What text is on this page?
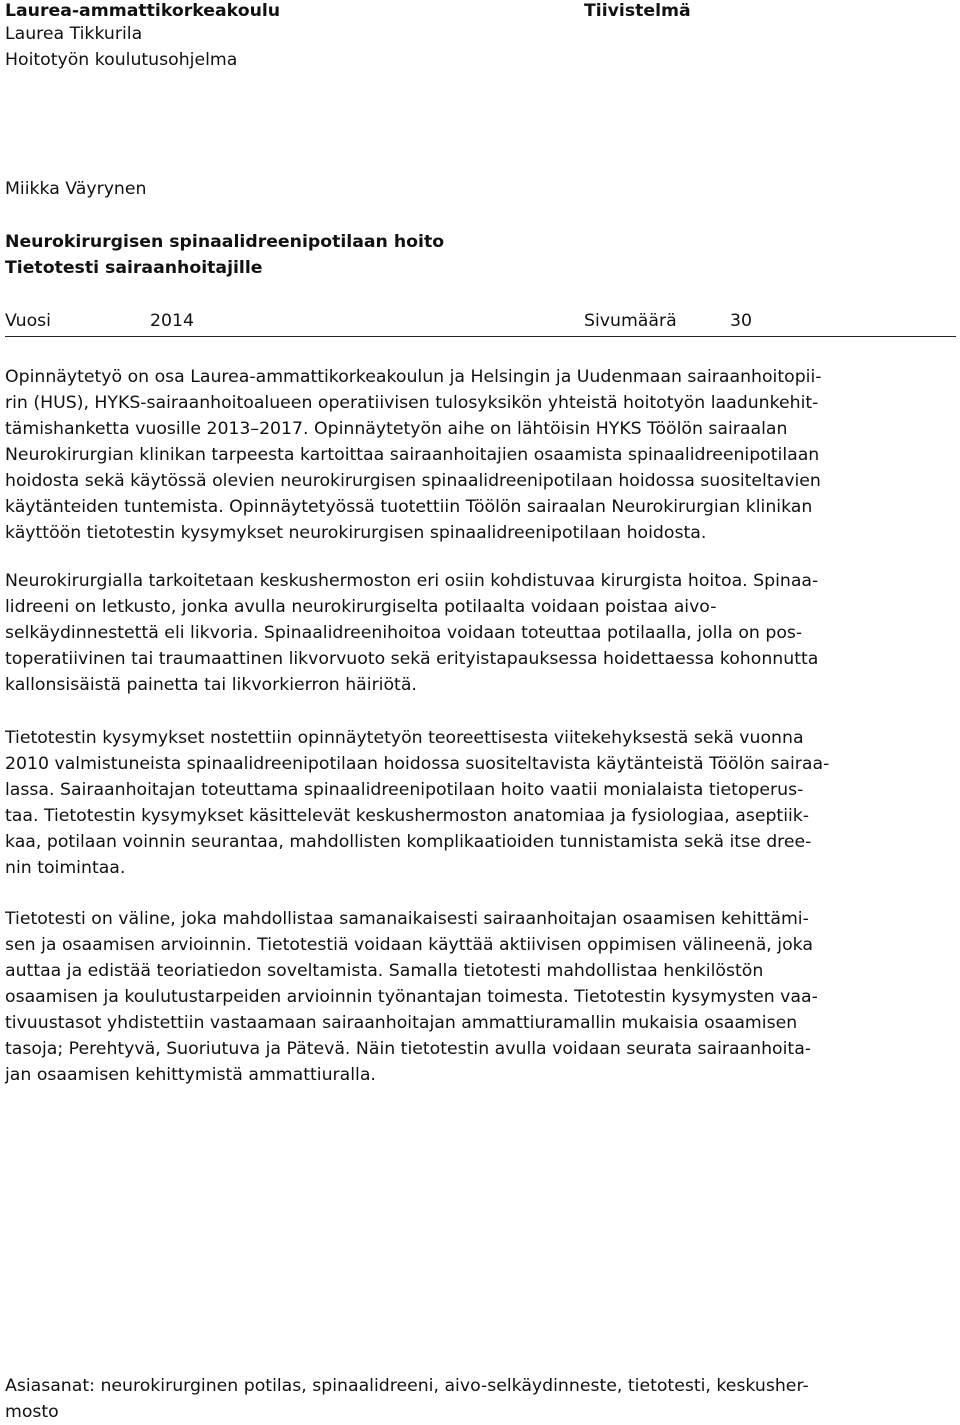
Laurea-ammattikorkeakoulu
Laurea Tikkurila
Hoitotyön koulutusohjelma
Tiivistelmä
Miikka Väyrynen
Neurokirurgisen spinaalidreenipotilaan hoito
Tietotesti sairaanhoitajille
Vuosi	2014	Sivumäärä	30
Opinnäytetyö on osa Laurea-ammattikorkeakoulun ja Helsingin ja Uudenmaan sairaanhoitopii-
rin (HUS), HYKS-sairaanhoitoalueen operatiivisen tulosyksikön yhteistä hoitotyön laadunkehit-
tämishanketta vuosille 2013–2017. Opinnäytetyön aihe on lähtöisin HYKS Töölön sairaalan
Neurokirurgian klinikan tarpeesta kartoittaa sairaanhoitajien osaamista spinaalidreenipotilaan
hoidosta sekä käytössä olevien neurokirurgisen spinaalidreenipotilaan hoidossa suositeltavien
käytänteiden tuntemista. Opinnäytetyössä tuotettiin Töölön sairaalan Neurokirurgian klinikan
käyttöön tietotestin kysymykset neurokirurgisen spinaalidreenipotilaan hoidosta.
Neurokirurgialla tarkoitetaan keskushermoston eri osiin kohdistuvaa kirurgista hoitoa. Spinaa-
lidreeni on letkusto, jonka avulla neurokirurgiselta potilaalta voidaan poistaa aivo-
selkäydinnestettä eli likvoria. Spinaalidreenihoitoa voidaan toteuttaa potilaalla, jolla on pos-
toperatiivinen tai traumaattinen likvorvuoto sekä erityistapauksessa hoidettaessa kohonnutta
kallonsisäistä painetta tai likvorkierron häiriötä.
Tietotestin kysymykset nostettiin opinnäytetyön teoreettisesta viitekehyksestä sekä vuonna
2010 valmistuneista spinaalidreenipotilaan hoidossa suositeltavista käytänteistä Töölön sairaa-
lassa. Sairaanhoitajan toteuttama spinaalidreenipotilaan hoito vaatii monialaista tietoperus-
taa. Tietotestin kysymykset käsittelevät keskushermoston anatomiaa ja fysiologiaa, aseptiik-
kaa, potilaan voinnin seurantaa, mahdollisten komplikaatioiden tunnistamista sekä itse dree-
nin toimintaa.
Tietotesti on väline, joka mahdollistaa samanaikaisesti sairaanhoitajan osaamisen kehittämi-
sen ja osaamisen arvioinnin. Tietotestiä voidaan käyttää aktiivisen oppimisen välineenä, joka
auttaa ja edistää teoriatiedon soveltamista. Samalla tietotesti mahdollistaa henkilöstön
osaamisen ja koulutustarpeiden arvioinnin työnantajan toimesta. Tietotestin kysymysten vaa-
tivuustasot yhdistettiin vastaamaan sairaanhoitajan ammattiuramallin mukaisia osaamisen
tasoja; Perehtyvä, Suoriutuva ja Pätevä. Näin tietotestin avulla voidaan seurata sairaanhoita-
jan osaamisen kehittymistä ammattiuralla.
Asiasanat: neurokirurginen potilas, spinaalidreeni, aivo-selkäydinneste, tietotesti, keskusher-
mosto
